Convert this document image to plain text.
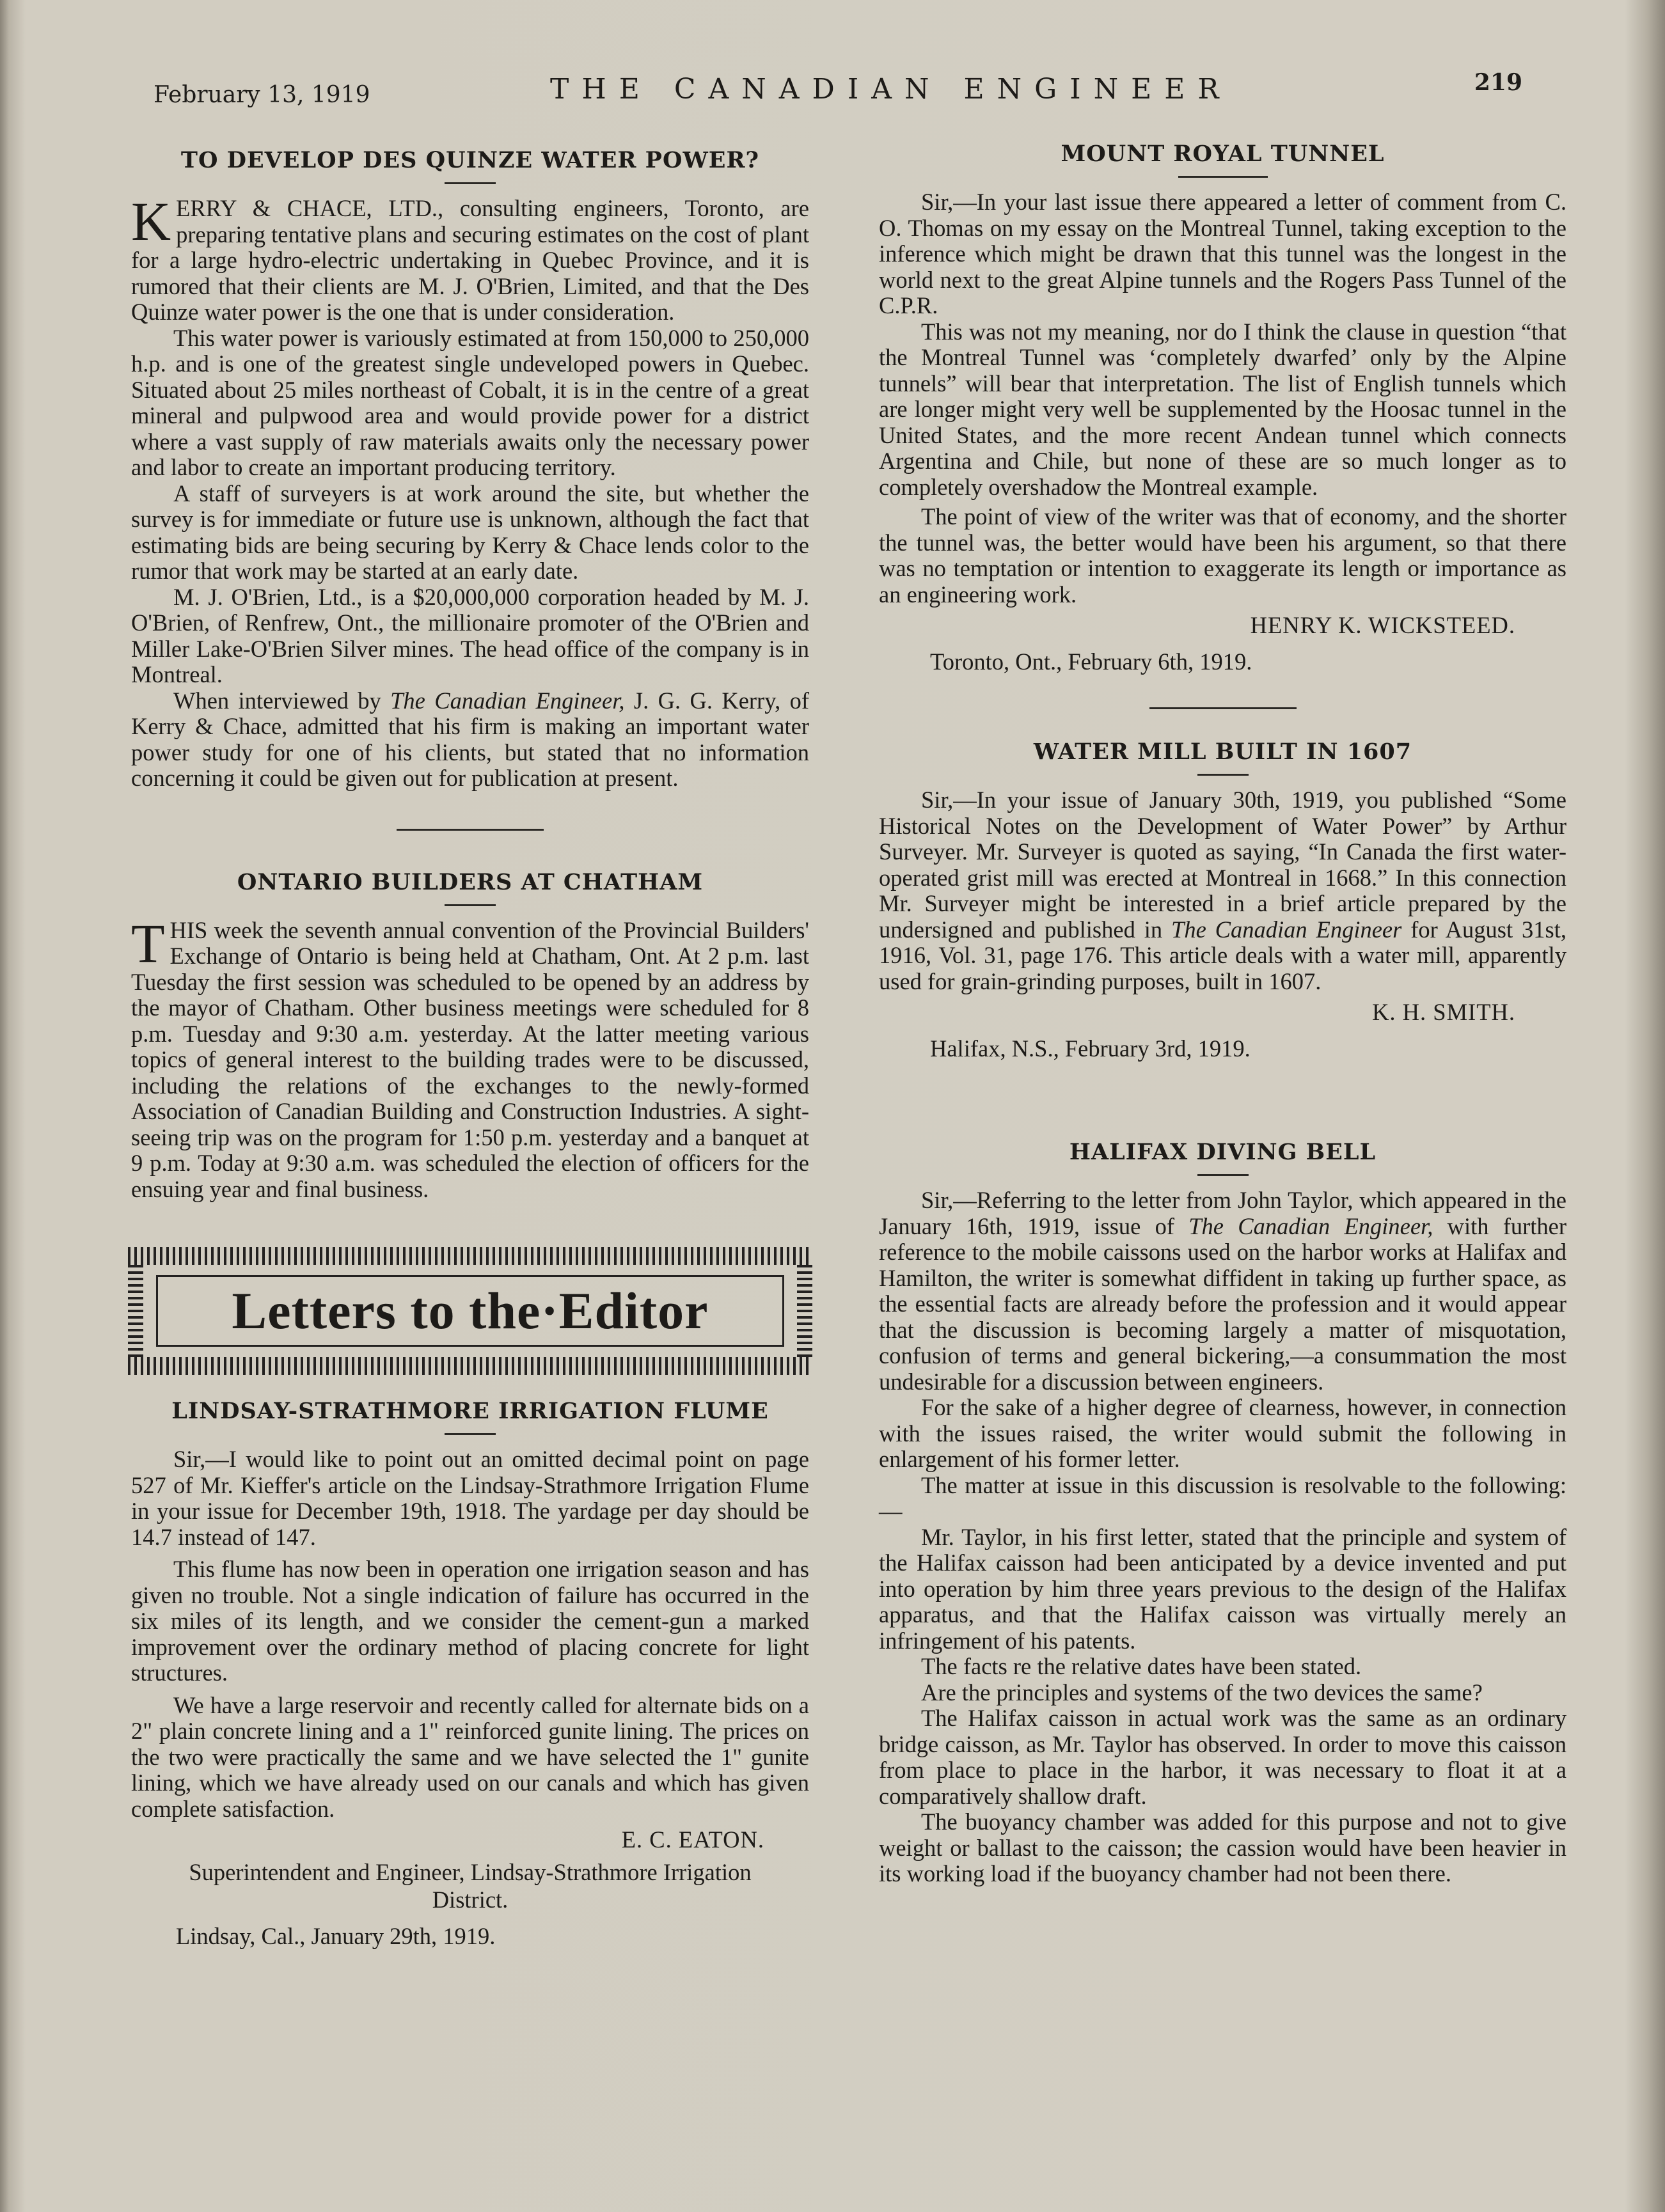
February 13, 1919	THE CANADIAN ENGINEER	219
TO DEVELOP DES QUINZE WATER POWER?

KERRY & CHACE, LTD., consulting engineers, Toronto, are preparing tentative plans and securing estimates on the cost of plant for a large hydro-electric undertaking in Quebec Province, and it is rumored that their clients are M. J. O'Brien, Limited, and that the Des Quinze water power is the one that is under consideration.

This water power is variously estimated at from 150,000 to 250,000 h.p. and is one of the greatest single undeveloped powers in Quebec. Situated about 25 miles northeast of Cobalt, it is in the centre of a great mineral and pulpwood area and would provide power for a district where a vast supply of raw materials awaits only the necessary power and labor to create an important producing territory.

A staff of surveyers is at work around the site, but whether the survey is for immediate or future use is unknown, although the fact that estimating bids are being securing by Kerry & Chace lends color to the rumor that work may be started at an early date.

M. J. O'Brien, Ltd., is a $20,000,000 corporation headed by M. J. O'Brien, of Renfrew, Ont., the millionaire promoter of the O'Brien and Miller Lake-O'Brien Silver mines. The head office of the company is in Montreal.

When interviewed by The Canadian Engineer, J. G. G. Kerry, of Kerry & Chace, admitted that his firm is making an important water power study for one of his clients, but stated that no information concerning it could be given out for publication at present.

ONTARIO BUILDERS AT CHATHAM

THIS week the seventh annual convention of the Provincial Builders' Exchange of Ontario is being held at Chatham, Ont. At 2 p.m. last Tuesday the first session was scheduled to be opened by an address by the mayor of Chatham. Other business meetings were scheduled for 8 p.m. Tuesday and 9:30 a.m. yesterday. At the latter meeting various topics of general interest to the building trades were to be discussed, including the relations of the exchanges to the newly-formed Association of Canadian Building and Construction Industries. A sight-seeing trip was on the program for 1:50 p.m. yesterday and a banquet at 9 p.m. Today at 9:30 a.m. was scheduled the election of officers for the ensuing year and final business.

Letters to the·Editor
LINDSAY-STRATHMORE IRRIGATION FLUME

Sir,—I would like to point out an omitted decimal point on page 527 of Mr. Kieffer's article on the Lindsay-Strathmore Irrigation Flume in your issue for December 19th, 1918. The yardage per day should be 14.7 instead of 147.

This flume has now been in operation one irrigation season and has given no trouble. Not a single indication of failure has occurred in the six miles of its length, and we consider the cement-gun a marked improvement over the ordinary method of placing concrete for light structures.

We have a large reservoir and recently called for alternate bids on a 2" plain concrete lining and a 1" reinforced gunite lining. The prices on the two were practically the same and we have selected the 1" gunite lining, which we have already used on our canals and which has given complete satisfaction.

E. C. EATON.
Superintendent and Engineer, Lindsay-Strathmore Irrigation District.
Lindsay, Cal., January 29th, 1919.
MOUNT ROYAL TUNNEL

Sir,—In your last issue there appeared a letter of comment from C. O. Thomas on my essay on the Montreal Tunnel, taking exception to the inference which might be drawn that this tunnel was the longest in the world next to the great Alpine tunnels and the Rogers Pass Tunnel of the C.P.R.

This was not my meaning, nor do I think the clause in question “that the Montreal Tunnel was ‘completely dwarfed’ only by the Alpine tunnels” will bear that interpretation. The list of English tunnels which are longer might very well be supplemented by the Hoosac tunnel in the United States, and the more recent Andean tunnel which connects Argentina and Chile, but none of these are so much longer as to completely overshadow the Montreal example.

The point of view of the writer was that of economy, and the shorter the tunnel was, the better would have been his argument, so that there was no temptation or intention to exaggerate its length or importance as an engineering work.

HENRY K. WICKSTEED.
Toronto, Ont., February 6th, 1919.
WATER MILL BUILT IN 1607

Sir,—In your issue of January 30th, 1919, you published “Some Historical Notes on the Development of Water Power” by Arthur Surveyer. Mr. Surveyer is quoted as saying, “In Canada the first water-operated grist mill was erected at Montreal in 1668.” In this connection Mr. Surveyer might be interested in a brief article prepared by the undersigned and published in The Canadian Engineer for August 31st, 1916, Vol. 31, page 176. This article deals with a water mill, apparently used for grain-grinding purposes, built in 1607.

K. H. SMITH.
Halifax, N.S., February 3rd, 1919.
HALIFAX DIVING BELL

Sir,—Referring to the letter from John Taylor, which appeared in the January 16th, 1919, issue of The Canadian Engineer, with further reference to the mobile caissons used on the harbor works at Halifax and Hamilton, the writer is somewhat diffident in taking up further space, as the essential facts are already before the profession and it would appear that the discussion is becoming largely a matter of misquotation, confusion of terms and general bickering,—a consummation the most undesirable for a discussion between engineers.

For the sake of a higher degree of clearness, however, in connection with the issues raised, the writer would submit the following in enlargement of his former letter.

The matter at issue in this discussion is resolvable to the following:—

Mr. Taylor, in his first letter, stated that the principle and system of the Halifax caisson had been anticipated by a device invented and put into operation by him three years previous to the design of the Halifax apparatus, and that the Halifax caisson was virtually merely an infringement of his patents.

The facts re the relative dates have been stated.

Are the principles and systems of the two devices the same?

The Halifax caisson in actual work was the same as an ordinary bridge caisson, as Mr. Taylor has observed. In order to move this caisson from place to place in the harbor, it was necessary to float it at a comparatively shallow draft.

The buoyancy chamber was added for this purpose and not to give weight or ballast to the caisson; the cassion would have been heavier in its working load if the buoyancy chamber had not been there.
